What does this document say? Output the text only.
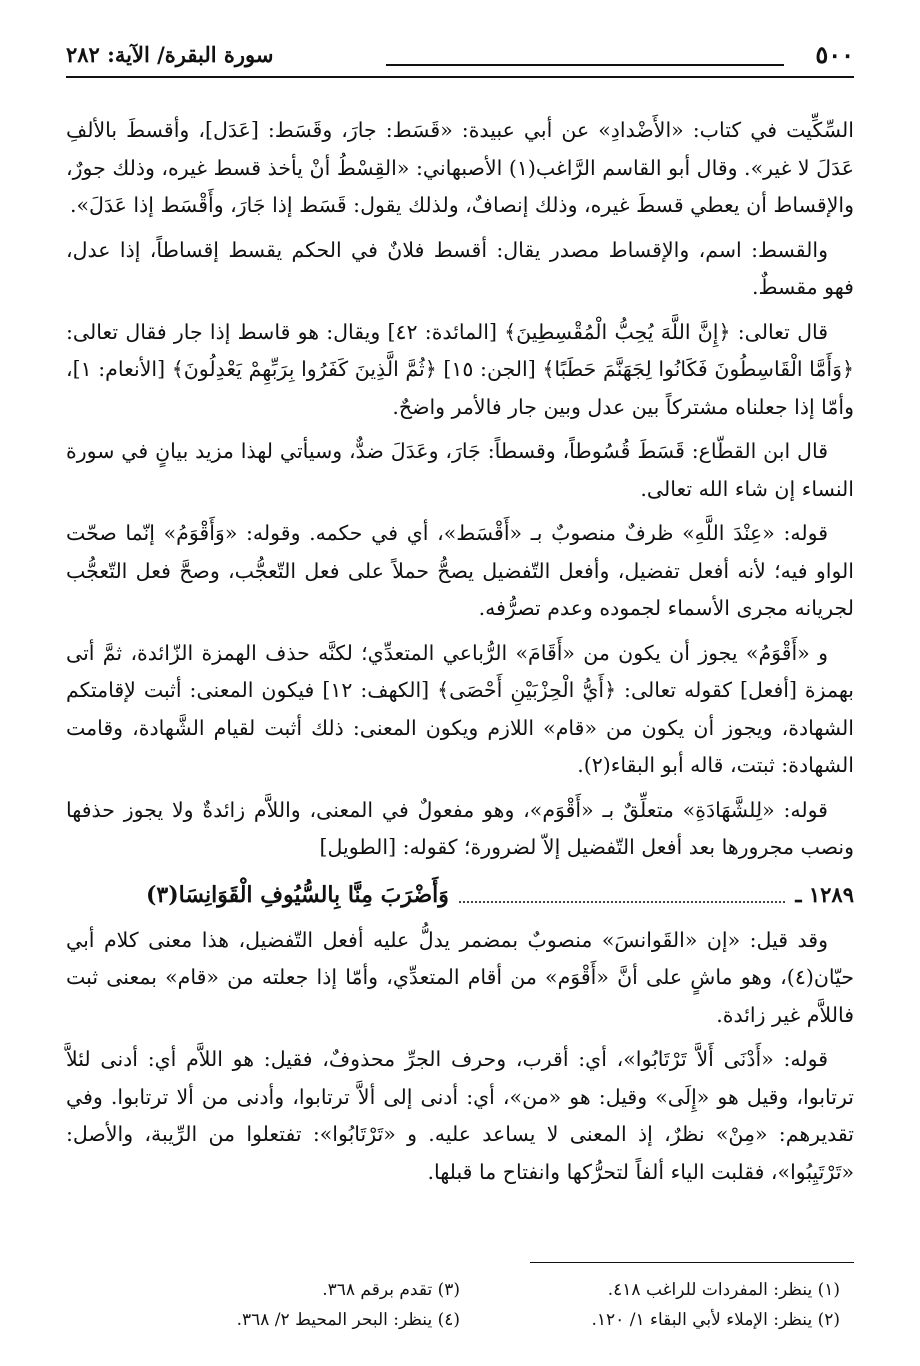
٥٠٠
سورة البقرة/ الآية: ٢٨٢

السِّكِّيت في كتاب: «الأَضْدادِ» عن أبي عبيدة: «قَسَط: جارَ، وقَسَط: [عَدَل]، وأقسطَ بالألفِ عَدَلَ لا غير». وقال أبو القاسم الرَّاغب(١) الأصبهاني: «القِسْطُ أنْ يأخذ قسط غيره، وذلك جورٌ، والإقساط أن يعطي قسطَ غيره، وذلك إنصافٌ، ولذلك يقول: قَسَط إذا جَارَ، وأَقْسَط إذا عَدَلَ».

والقسط: اسم، والإقساط مصدر يقال: أقسط فلانٌ في الحكم يقسط إقساطاً، إذا عدل، فهو مقسطٌ.

قال تعالى: ﴿إِنَّ اللَّهَ يُحِبُّ الْمُقْسِطِينَ﴾ [المائدة: ٤٢] ويقال: هو قاسط إذا جار فقال تعالى: ﴿وَأَمَّا الْقَاسِطُونَ فَكَانُوا لِجَهَنَّمَ حَطَبًا﴾ [الجن: ١٥] ﴿ثُمَّ الَّذِينَ كَفَرُوا بِرَبِّهِمْ يَعْدِلُونَ﴾ [الأنعام: ١]، وأمّا إذا جعلناه مشتركاً بين عدل وبين جار فالأمر واضحٌ.

قال ابن القطّاع: قَسَطَ قُسُوطاً، وقسطاً: جَارَ، وعَدَلَ ضدٌّ، وسيأتي لهذا مزيد بيانٍ في سورة النساء إن شاء الله تعالى.

قوله: «عِنْدَ اللَّهِ» ظرفٌ منصوبٌ بـ «أَقْسَط»، أي في حكمه. وقوله: «وَأَقْوَمُ» إنّما صحّت الواو فيه؛ لأنه أفعل تفضيل، وأفعل التّفضيل يصحُّ حملاً على فعل التّعجُّب، وصحَّ فعل التّعجُّب لجريانه مجرى الأسماء لجموده وعدم تصرُّفه.

و «أَقْوَمُ» يجوز أن يكون من «أَقَامَ» الرُّباعي المتعدِّي؛ لكنَّه حذف الهمزة الزّائدة، ثمَّ أتى بهمزة [أفعل] كقوله تعالى: ﴿أَيُّ الْحِزْبَيْنِ أَحْصَى﴾ [الكهف: ١٢] فيكون المعنى: أثبت لإقامتكم الشهادة، ويجوز أن يكون من «قام» اللازم ويكون المعنى: ذلك أثبت لقيام الشَّهادة، وقامت الشهادة: ثبتت، قاله أبو البقاء(٢).

قوله: «لِلشَّهَادَةِ» متعلِّقٌ بـ «أَقْوَم»، وهو مفعولٌ في المعنى، واللاَّم زائدةٌ ولا يجوز حذفها ونصب مجرورها بعد أفعل التّفضيل إلاّ لضرورة؛ كقوله: [الطويل]

١٢٨٩ ـ
وَأَضْرَبَ مِنَّا بِالسُّيُوفِ الْقَوَانِسَا(٣)

وقد قيل: «إن «القَوانسَ» منصوبٌ بمضمر يدلُّ عليه أفعل التّفضيل، هذا معنى كلام أبي حيّان(٤)، وهو ماشٍ على أنَّ «أَقْوَم» من أقام المتعدِّي، وأمّا إذا جعلته من «قام» بمعنى ثبت فاللاَّم غير زائدة.

قوله: «أَدْنَى أَلاَّ تَرْتَابُوا»، أي: أقرب، وحرف الجرِّ محذوفٌ، فقيل: هو اللاَّم أي: أدنى لئلاَّ ترتابوا، وقيل هو «إِلَى» وقيل: هو «من»، أي: أدنى إلى ألاَّ ترتابوا، وأدنى من ألا ترتابوا. وفي تقديرهم: «مِنْ» نظرٌ، إذ المعنى لا يساعد عليه. و «تَرْتَابُوا»: تفتعلوا من الرِّيبة، والأصل: «تَرْتَيِبُوا»، فقلبت الياء ألفاً لتحرُّكها وانفتاح ما قبلها.

(١) ينظر: المفردات للراغب ٤١٨.
(٣) تقدم برقم ٣٦٨.
(٢) ينظر: الإملاء لأبي البقاء ١/ ١٢٠.
(٤) ينظر: البحر المحيط ٢/ ٣٦٨.
